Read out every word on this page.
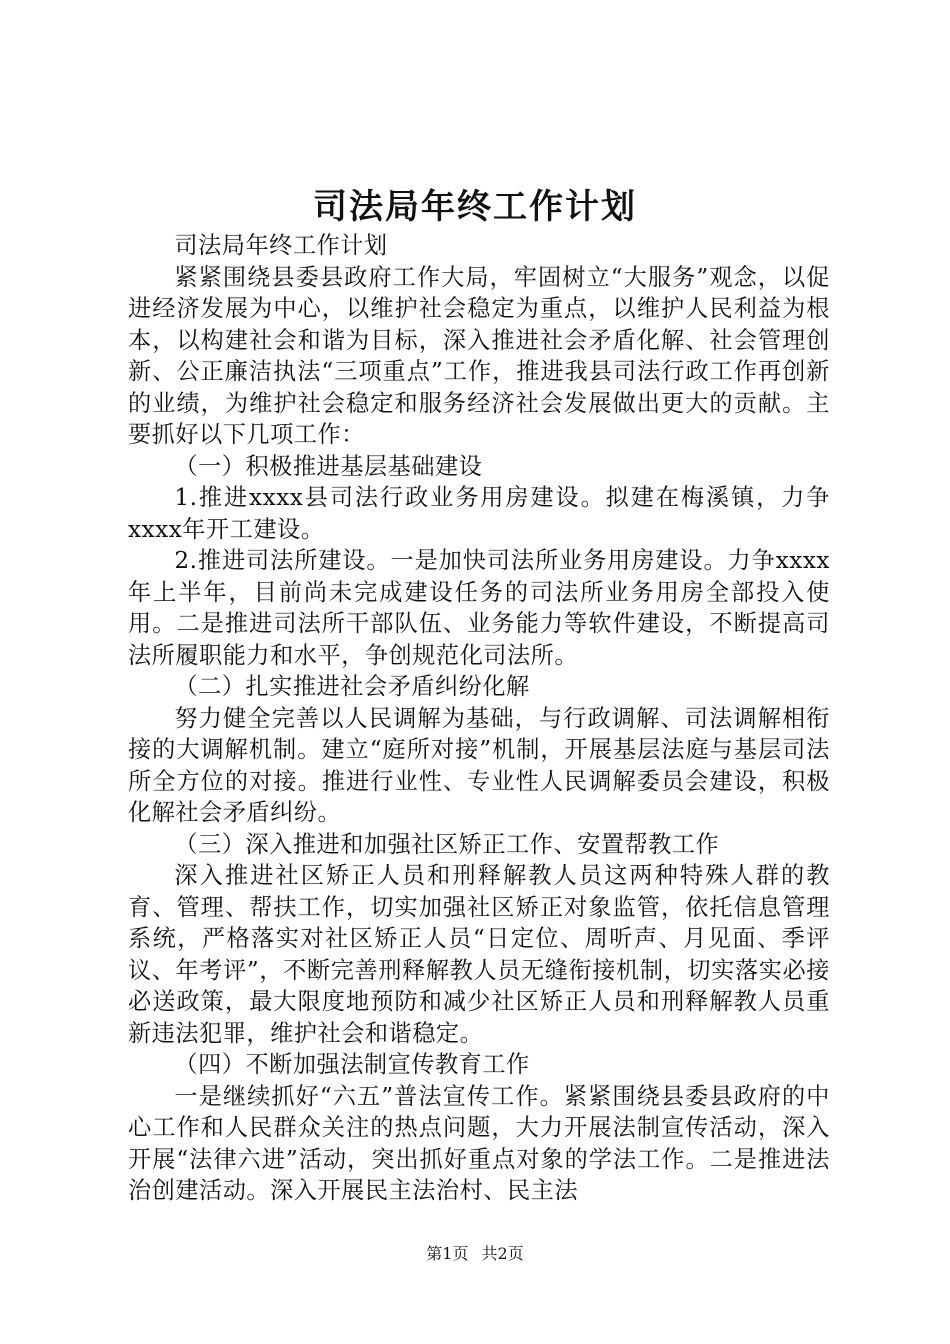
司法局年终工作计划

司法局年终工作计划

紧紧围绕县委县政府工作大局，牢固树立“大服务”观念，以促进经济发展为中心，以维护社会稳定为重点，以维护人民利益为根本，以构建社会和谐为目标，深入推进社会矛盾化解、社会管理创新、公正廉洁执法“三项重点”工作，推进我县司法行政工作再创新的业绩，为维护社会稳定和服务经济社会发展做出更大的贡献。主要抓好以下几项工作：

（一）积极推进基层基础建设

1.推进xxxx县司法行政业务用房建设。拟建在梅溪镇，力争xxxx年开工建设。

2.推进司法所建设。一是加快司法所业务用房建设。力争xxxx年上半年，目前尚未完成建设任务的司法所业务用房全部投入使用。二是推进司法所干部队伍、业务能力等软件建设，不断提高司法所履职能力和水平，争创规范化司法所。

（二）扎实推进社会矛盾纠纷化解

努力健全完善以人民调解为基础，与行政调解、司法调解相衔接的大调解机制。建立“庭所对接”机制，开展基层法庭与基层司法所全方位的对接。推进行业性、专业性人民调解委员会建设，积极化解社会矛盾纠纷。

（三）深入推进和加强社区矫正工作、安置帮教工作

深入推进社区矫正人员和刑释解教人员这两种特殊人群的教育、管理、帮扶工作，切实加强社区矫正对象监管，依托信息管理系统，严格落实对社区矫正人员“日定位、周听声、月见面、季评议、年考评”，不断完善刑释解教人员无缝衔接机制，切实落实必接必送政策，最大限度地预防和减少社区矫正人员和刑释解教人员重新违法犯罪，维护社会和谐稳定。

（四）不断加强法制宣传教育工作

一是继续抓好“六五”普法宣传工作。紧紧围绕县委县政府的中心工作和人民群众关注的热点问题，大力开展法制宣传活动，深入开展“法律六进”活动，突出抓好重点对象的学法工作。二是推进法治创建活动。深入开展民主法治村、民主法

第1页 共2页
